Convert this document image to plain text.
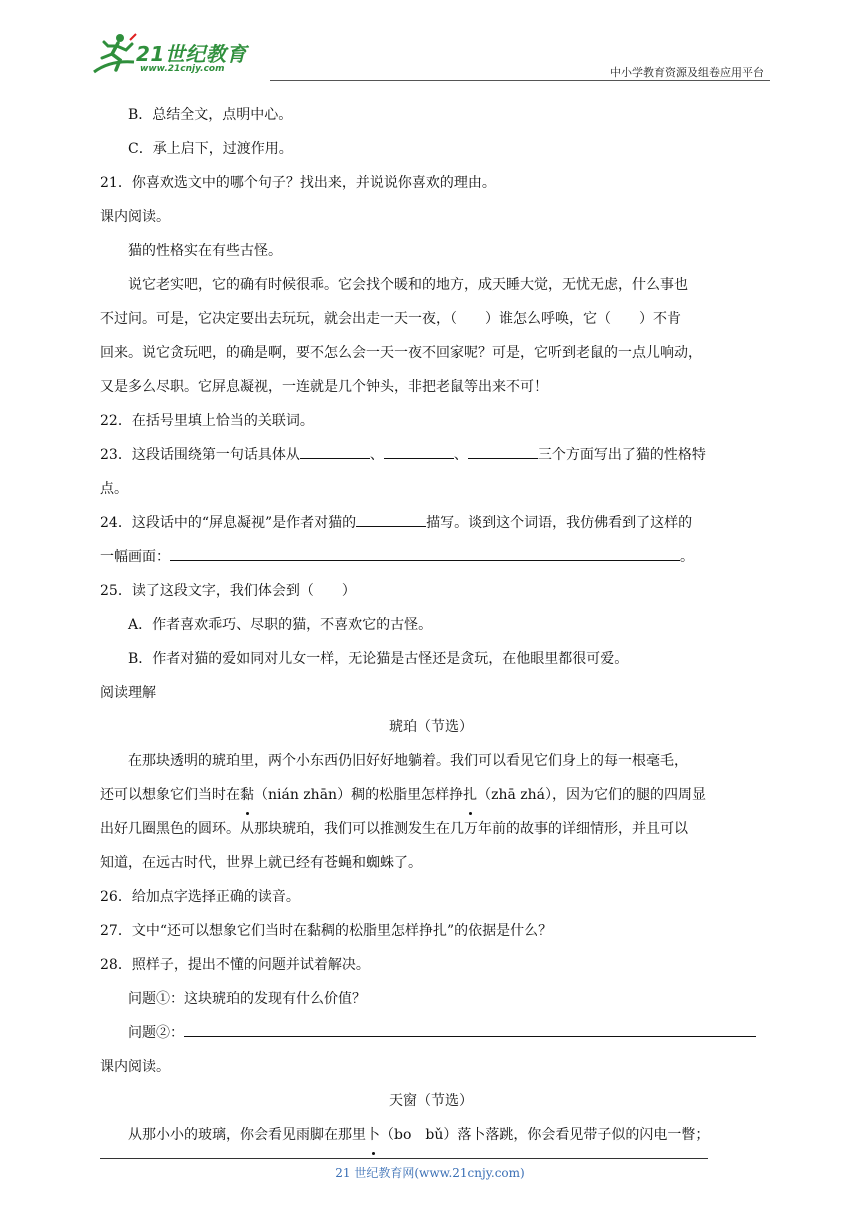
21世纪教育
www.21cnjy.com	中小学教育资源及组卷应用平台
B．总结全文，点明中心。
C．承上启下，过渡作用。
21．你喜欢选文中的哪个句子？找出来，并说说你喜欢的理由。
课内阅读。
猫的性格实在有些古怪。
说它老实吧，它的确有时候很乖。它会找个暖和的地方，成天睡大觉，无忧无虑，什么事也
不过问。可是，它决定要出去玩玩，就会出走一天一夜，（　　）谁怎么呼唤，它（　　）不肯
回来。说它贪玩吧，的确是啊，要不怎么会一天一夜不回家呢？可是，它听到老鼠的一点儿响动，
又是多么尽职。它屏息凝视，一连就是几个钟头，非把老鼠等出来不可！
22．在括号里填上恰当的关联词。
23．这段话围绕第一句话具体从	、	、	三个方面写出了猫的性格特
点。
24．这段话中的“屏息凝视”是作者对猫的	描写。谈到这个词语，我仿佛看到了这样的
一幅画面：	。
25．读了这段文字，我们体会到（　　）
A．作者喜欢乖巧、尽职的猫，不喜欢它的古怪。
B．作者对猫的爱如同对儿女一样，无论猫是古怪还是贪玩，在他眼里都很可爱。
阅读理解
琥珀（节选）
在那块透明的琥珀里，两个小东西仍旧好好地躺着。我们可以看见它们身上的每一根毫毛，
还可以想象它们当时在黏（nián zhān）稠的松脂里怎样挣扎（zhā zhá），因为它们的腿的四周显
出好几圈黑色的圆环。从那块琥珀，我们可以推测发生在几万年前的故事的详细情形，并且可以
知道，在远古时代，世界上就已经有苍蝇和蜘蛛了。
26．给加点字选择正确的读音。
27．文中“还可以想象它们当时在黏稠的松脂里怎样挣扎”的依据是什么？
28．照样子，提出不懂的问题并试着解决。
问题①：这块琥珀的发现有什么价值？
问题②：
课内阅读。
天窗（节选）
从那小小的玻璃，你会看见雨脚在那里卜（bo　bǔ）落卜落跳，你会看见带子似的闪电一瞥；
21 世纪教育网(www.21cnjy.com)
